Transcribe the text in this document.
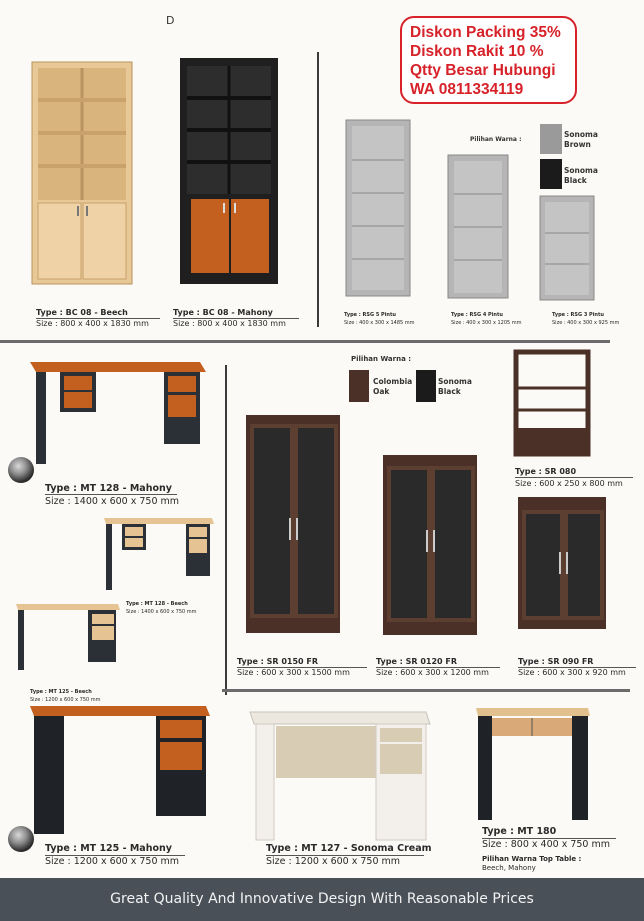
D
Diskon Packing 35%
Diskon Rakit 10 %
Qtty Besar Hubungi
WA 0811334119
Type : BC 08 - Beech
Size : 800 x 400 x 1830 mm
Type : BC 08 - Mahony
Size : 800 x 400 x 1830 mm
Type : RSG 5 Pintu
Size : 400 x 300 x 1485 mm
Type : RSG 4 Pintu
Size : 400 x 300 x 1205 mm
Type : RSG 3 Pintu
Size : 400 x 300 x 925 mm
Pilihan Warna :
Sonoma
Brown
Sonoma
Black
Pilihan Warna :
Colombia
Oak
Sonoma
Black
Type : MT 128 - Mahony
Size : 1400 x 600 x 750 mm
Type : MT 128 - Beech
Size : 1400 x 600 x 750 mm
Type : MT 125 - Beech
Size : 1200 x 600 x 750 mm
Type : SR 080
Size : 600 x 250 x 800 mm
Type : SR 0150 FR
Size : 600 x 300 x 1500 mm
Type : SR 0120 FR
Size : 600 x 300 x 1200 mm
Type : SR 090 FR
Size : 600 x 300 x 920 mm
Type : MT 125 - Mahony
Size : 1200 x 600 x 750 mm
Type : MT 127 - Sonoma Cream
Size : 1200 x 600 x 750 mm
Type : MT 180
Size : 800 x 400 x 750 mm
Pilihan Warna Top Table :
Beech, Mahony
Great Quality And Innovative Design With Reasonable Prices
